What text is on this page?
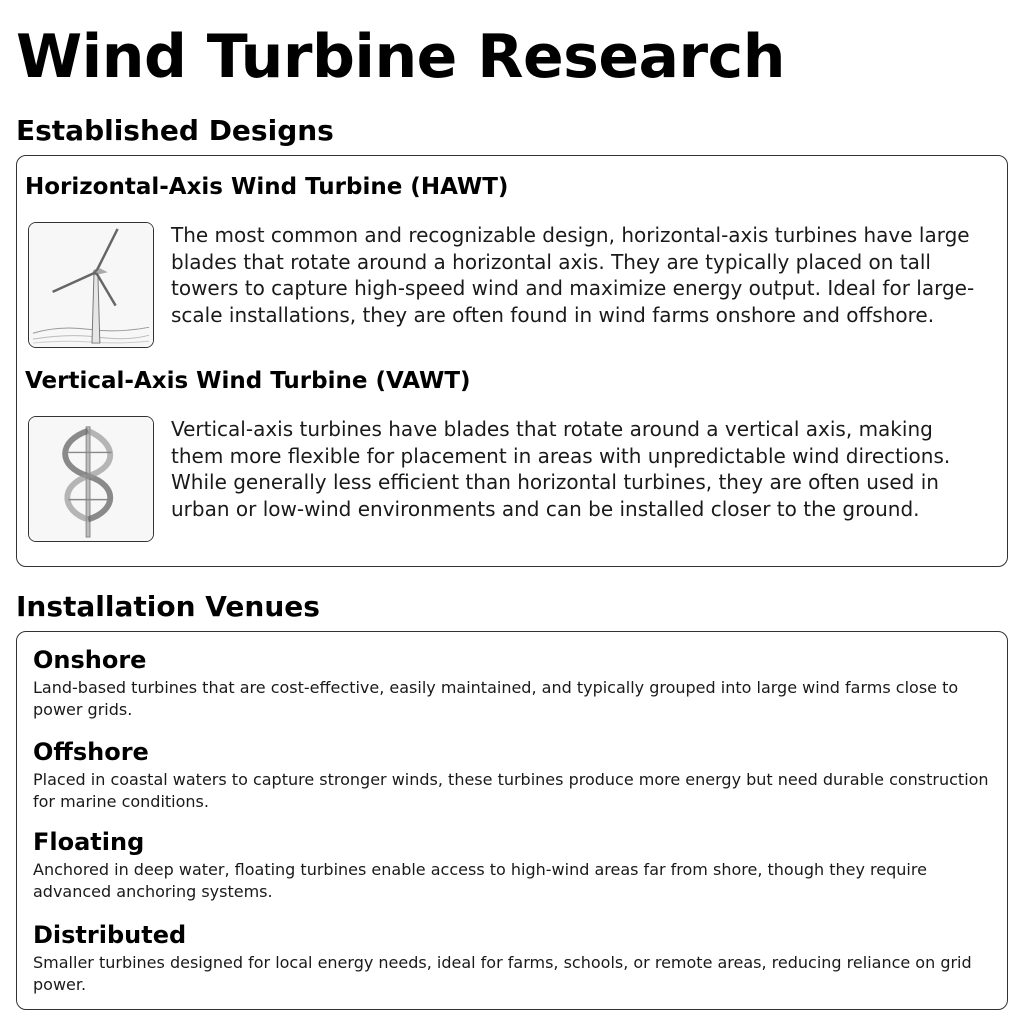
Wind Turbine Research
Established Designs
Horizontal-Axis Wind Turbine (HAWT)

The most common and recognizable design, horizontal-axis turbines have large blades that rotate around a horizontal axis. They are typically placed on tall towers to capture high-speed wind and maximize energy output. Ideal for large-scale installations, they are often found in wind farms onshore and offshore.

Vertical-Axis Wind Turbine (VAWT)

Vertical-axis turbines have blades that rotate around a vertical axis, making them more flexible for placement in areas with unpredictable wind directions. While generally less efficient than horizontal turbines, they are often used in urban or low-wind environments and can be installed closer to the ground.

Installation Venues
Onshore

Land-based turbines that are cost-effective, easily maintained, and typically grouped into large wind farms close to power grids.

Offshore

Placed in coastal waters to capture stronger winds, these turbines produce more energy but need durable construction for marine conditions.

Floating

Anchored in deep water, floating turbines enable access to high-wind areas far from shore, though they require advanced anchoring systems.

Distributed

Smaller turbines designed for local energy needs, ideal for farms, schools, or remote areas, reducing reliance on grid power.
